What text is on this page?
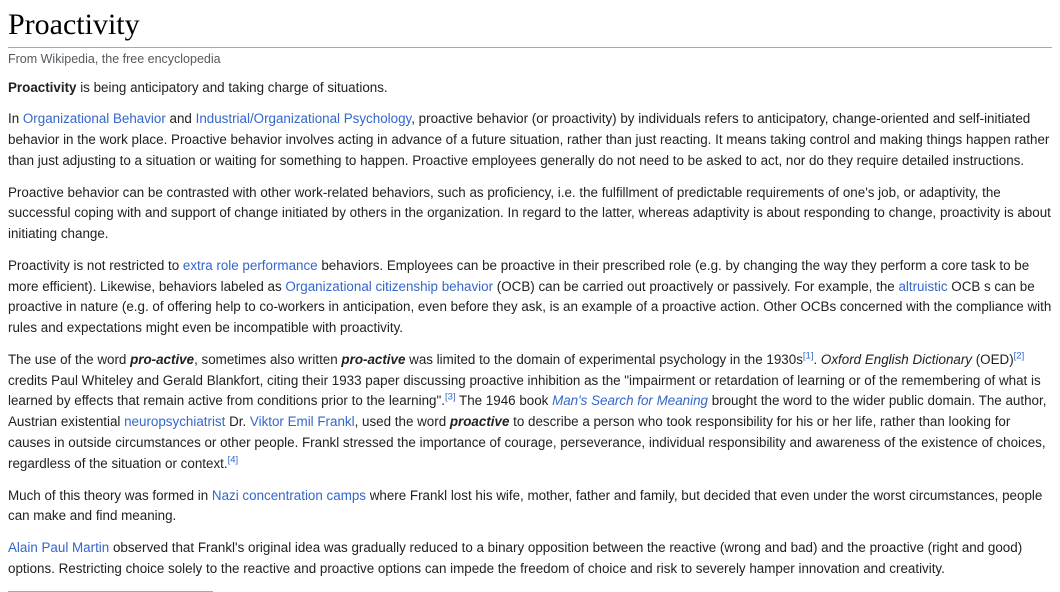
Proactivity
From Wikipedia, the free encyclopedia

Proactivity is being anticipatory and taking charge of situations.

In Organizational Behavior and Industrial/Organizational Psychology, proactive behavior (or proactivity) by individuals refers to anticipatory, change-oriented and self-initiated behavior in the work place. Proactive behavior involves acting in advance of a future situation, rather than just reacting. It means taking control and making things happen rather than just adjusting to a situation or waiting for something to happen. Proactive employees generally do not need to be asked to act, nor do they require detailed instructions.

Proactive behavior can be contrasted with other work-related behaviors, such as proficiency, i.e. the fulfillment of predictable requirements of one's job, or adaptivity, the successful coping with and support of change initiated by others in the organization. In regard to the latter, whereas adaptivity is about responding to change, proactivity is about initiating change.

Proactivity is not restricted to extra role performance behaviors. Employees can be proactive in their prescribed role (e.g. by changing the way they perform a core task to be more efficient). Likewise, behaviors labeled as Organizational citizenship behavior (OCB) can be carried out proactively or passively. For example, the altruistic OCB s can be proactive in nature (e.g. of offering help to co-workers in anticipation, even before they ask, is an example of a proactive action. Other OCBs concerned with the compliance with rules and expectations might even be incompatible with proactivity.

The use of the word pro-active, sometimes also written pro-active was limited to the domain of experimental psychology in the 1930s[1]. Oxford English Dictionary (OED)[2] credits Paul Whiteley and Gerald Blankfort, citing their 1933 paper discussing proactive inhibition as the "impairment or retardation of learning or of the remembering of what is learned by effects that remain active from conditions prior to the learning".[3] The 1946 book Man's Search for Meaning brought the word to the wider public domain. The author, Austrian existential neuropsychiatrist Dr. Viktor Emil Frankl, used the word proactive to describe a person who took responsibility for his or her life, rather than looking for causes in outside circumstances or other people. Frankl stressed the importance of courage, perseverance, individual responsibility and awareness of the existence of choices, regardless of the situation or context.[4]

Much of this theory was formed in Nazi concentration camps where Frankl lost his wife, mother, father and family, but decided that even under the worst circumstances, people can make and find meaning.

Alain Paul Martin observed that Frankl's original idea was gradually reduced to a binary opposition between the reactive (wrong and bad) and the proactive (right and good) options. Restricting choice solely to the reactive and proactive options can impede the freedom of choice and risk to severely hamper innovation and creativity.
